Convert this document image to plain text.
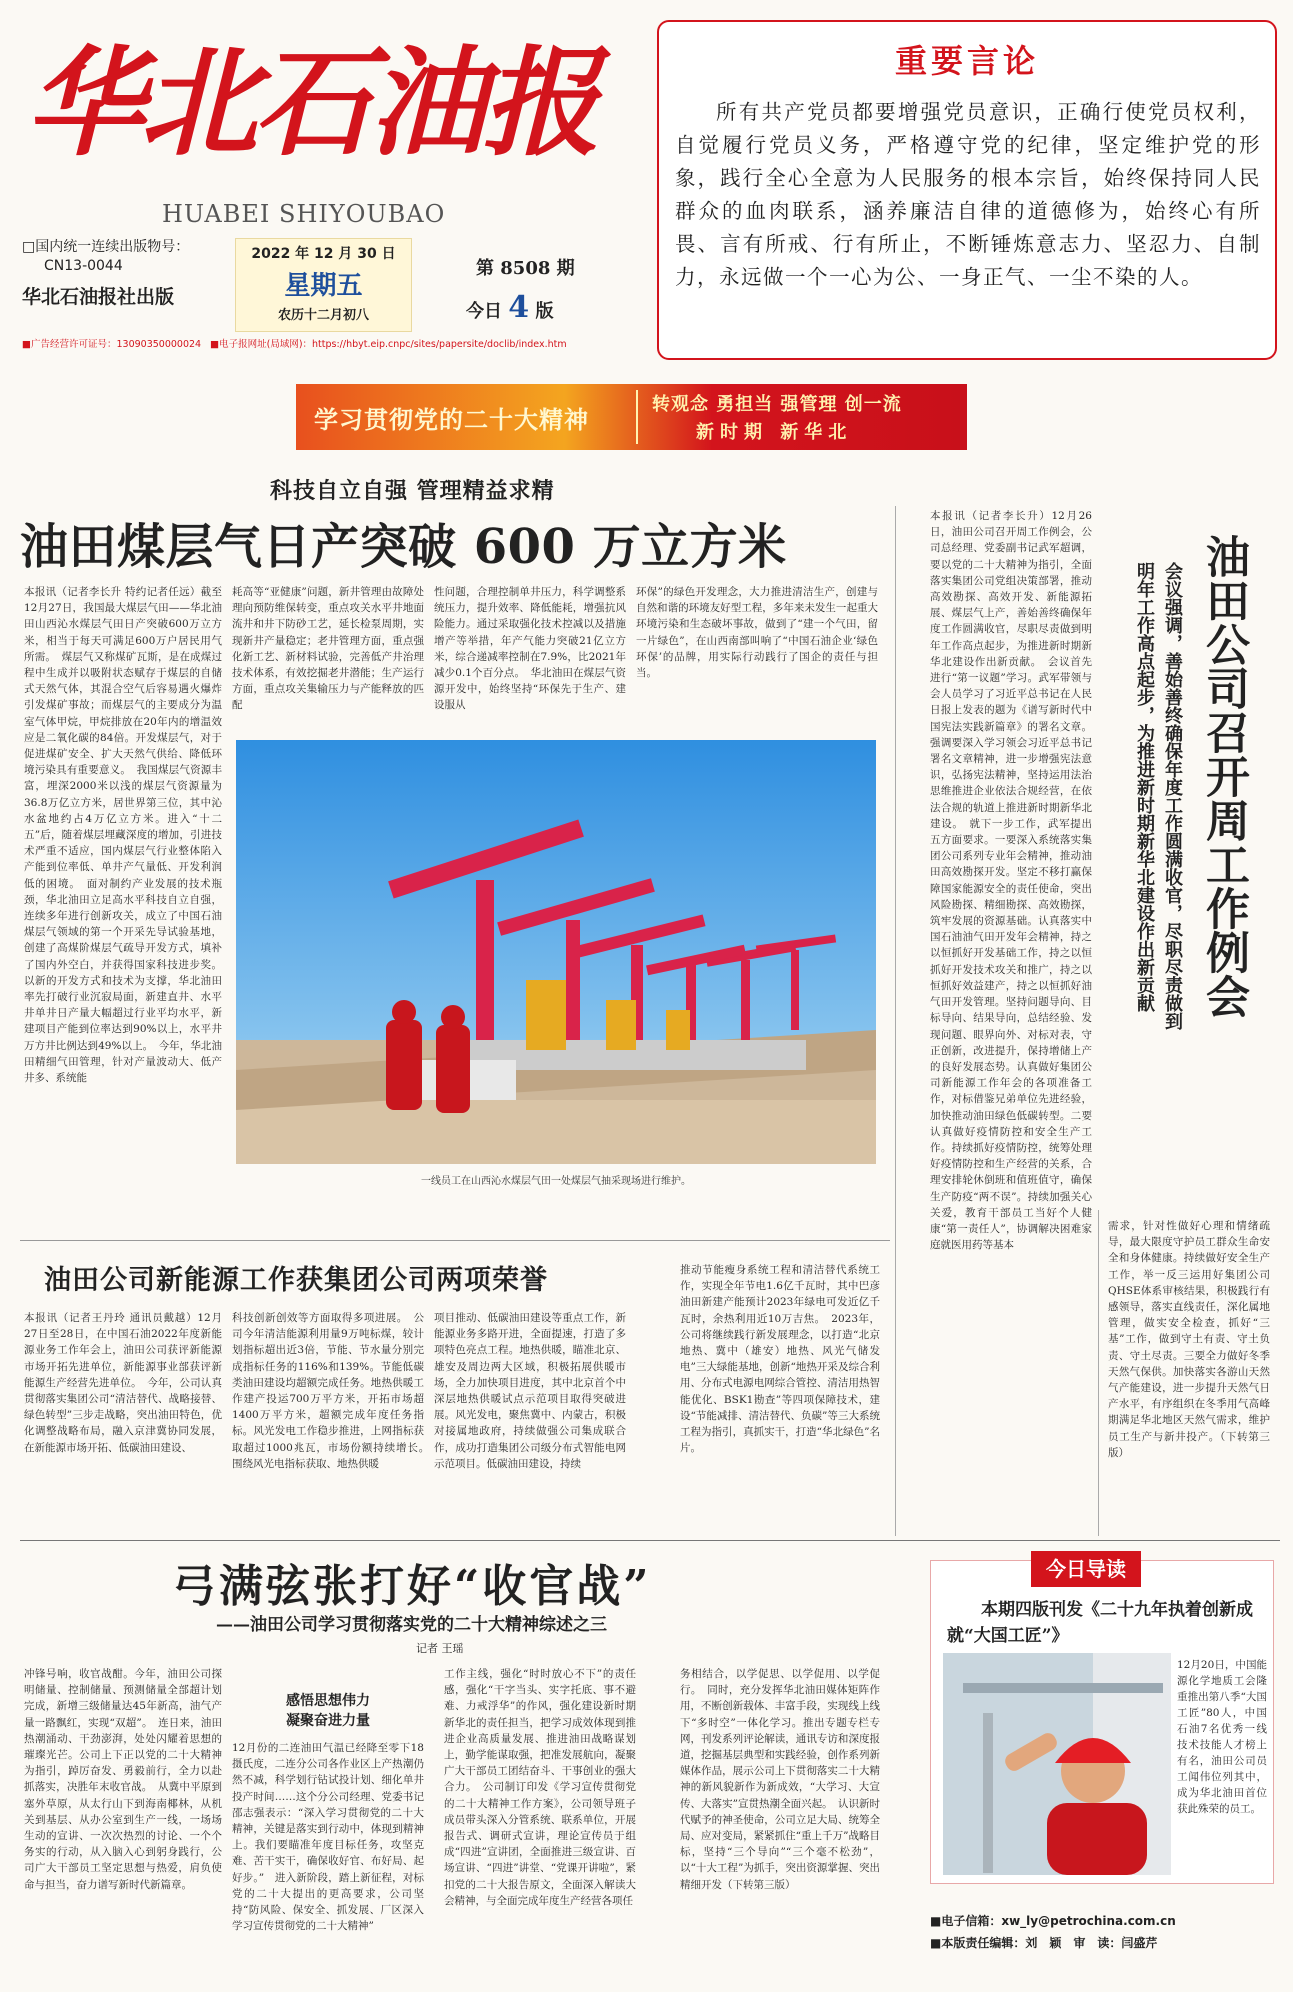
华北石油报
HUABEI SHIYOUBAO
□国内统一连续出版物号：
CN13-0044
华北石油报社出版
2022 年 12 月 30 日
星期五
农历十二月初八
第 8508 期
今日 4 版
■广告经营许可证号：13090350000024 ■电子报网址(局域网)：https://hbyt.eip.cnpc/sites/papersite/doclib/index.htm
重要言论
所有共产党员都要增强党员意识，正确行使党员权利，自觉履行党员义务，严格遵守党的纪律，坚定维护党的形象，践行全心全意为人民服务的根本宗旨，始终保持同人民群众的血肉联系，涵养廉洁自律的道德修为，始终心有所畏、言有所戒、行有所止，不断锤炼意志力、坚忍力、自制力，永远做一个一心为公、一身正气、一尘不染的人。
学习贯彻党的二十大精神
转观念 勇担当 强管理 创一流
新时期 新华北
科技自立自强 管理精益求精
油田煤层气日产突破 600 万立方米
本报讯（记者李长升 特约记者任远）截至12月27日，我国最大煤层气田——华北油田山西沁水煤层气田日产突破600万立方米，相当于每天可满足600万户居民用气所需。　煤层气又称煤矿瓦斯，是在成煤过程中生成并以吸附状态赋存于煤层的自储式天然气体，其混合空气后容易遇火爆炸引发煤矿事故；而煤层气的主要成分为温室气体甲烷，甲烷排放在20年内的增温效应是二氧化碳的84倍。开发煤层气，对于促进煤矿安全、扩大天然气供给、降低环境污染具有重要意义。　我国煤层气资源丰富，埋深2000米以浅的煤层气资源量为36.8万亿立方米，居世界第三位，其中沁水盆地约占4万亿立方米。进入“十二五”后，随着煤层埋藏深度的增加，引进技术严重不适应，国内煤层气行业整体陷入产能到位率低、单井产气量低、开发利润低的困境。　面对制约产业发展的技术瓶颈，华北油田立足高水平科技自立自强，连续多年进行创新攻关，成立了中国石油煤层气领域的第一个开采先导试验基地，创建了高煤阶煤层气疏导开发方式，填补了国内外空白，并获得国家科技进步奖。以新的开发方式和技术为支撑，华北油田率先打破行业沉寂局面，新建直井、水平井单井日产量大幅超过行业平均水平，新建项目产能到位率达到90%以上，水平井万方井比例达到49%以上。　今年，华北油田精细气田管理，针对产量波动大、低产井多、系统能
耗高等“亚健康”问题，新井管理由故障处理向预防维保转变，重点攻关水平井地面流井和井下防砂工艺，延长检泵周期，实现新井产量稳定；老井管理方面，重点强化新工艺、新材料试验，完善低产井治理技术体系，有效挖掘老井潜能；生产运行方面，重点攻关集输压力与产能释放的匹配
性问题，合理控制单井压力，科学调整系统压力，提升效率、降低能耗，增强抗风险能力。通过采取强化技术控减以及措施增产等举措，年产气能力突破21亿立方米，综合递减率控制在7.9%，比2021年减少0.1个百分点。　华北油田在煤层气资源开发中，始终坚持“环保先于生产、建设服从
环保”的绿色开发理念，大力推进清洁生产，创建与自然和谐的环境友好型工程，多年来未发生一起重大环境污染和生态破坏事故，做到了“建一个气田，留一片绿色”，在山西南部叫响了“中国石油企业‘绿色环保’的品牌，用实际行动践行了国企的责任与担当。
一线员工在山西沁水煤层气田一处煤层气抽采现场进行维护。
油田公司召开周工作例会
会议强调，善始善终确保年度工作圆满收官，尽职尽责做到
明年工作高点起步，为推进新时期新华北建设作出新贡献
本报讯（记者李长升）12月26日，油田公司召开周工作例会，公司总经理、党委副书记武军超调，要以党的二十大精神为指引，全面落实集团公司党组决策部署，推动高效勘探、高效开发、新能源拓展、煤层气上产，善始善终确保年度工作圆满收官，尽职尽责做到明年工作高点起步，为推进新时期新华北建设作出新贡献。　会议首先进行“第一议题”学习。武军带领与会人员学习了习近平总书记在人民日报上发表的题为《谱写新时代中国宪法实践新篇章》的署名文章。强调要深入学习领会习近平总书记署名文章精神，进一步增强宪法意识，弘扬宪法精神，坚持运用法治思维推进企业依法合规经营，在依法合规的轨道上推进新时期新华北建设。　就下一步工作，武军提出五方面要求。一要深入系统落实集团公司系列专业年会精神，推动油田高效勘探开发。坚定不移打赢保障国家能源安全的责任使命，突出风险勘探、精细勘探、高效勘探，筑牢发展的资源基础。认真落实中国石油油气田开发年会精神，持之以恒抓好开发基础工作，持之以恒抓好开发技术攻关和推广，持之以恒抓好效益建产，持之以恒抓好油气田开发管理。坚持问题导向、目标导向、结果导向，总结经验、发现问题、眼界向外、对标对表，守正创新，改进提升，保持增储上产的良好发展态势。认真做好集团公司新能源工作年会的各项准备工作，对标借鉴兄弟单位先进经验，加快推动油田绿色低碳转型。二要认真做好疫情防控和安全生产工作。持续抓好疫情防控，统筹处理好疫情防控和生产经营的关系，合理安排轮休倒班和值班值守，确保生产防疫“两不误”。持续加强关心关爱，教育干部员工当好个人健康“第一责任人”，协调解决困难家庭就医用药等基本
需求，针对性做好心理和情绪疏导，最大限度守护员工群众生命安全和身体健康。持续做好安全生产工作，举一反三运用好集团公司QHSE体系审核结果，积极践行有感领导，落实直线责任，深化属地管理，做实安全检查，抓好“三基”工作，做到守土有责、守土负责、守土尽责。三要全力做好冬季天然气保供。加快落实各游山天然气产能建设，进一步提升天然气日产水平，有序组织在冬季用气高峰期满足华北地区天然气需求，维护员工生产与新井投产。（下转第三版）
油田公司新能源工作获集团公司两项荣誉
本报讯（记者王丹玲 通讯员戴越）12月27日至28日，在中国石油2022年度新能源业务工作年会上，油田公司获评新能源市场开拓先进单位，新能源事业部获评新能源生产经营先进单位。　今年，公司认真贯彻落实集团公司“清洁替代、战略接替、绿色转型”三步走战略，突出油田特色，优化调整战略布局，融入京津冀协同发展，在新能源市场开拓、低碳油田建设、
科技创新创效等方面取得多项进展。　公司今年清洁能源利用量9万吨标煤，较计划指标超出近3倍，节能、节水量分别完成指标任务的116%和139%。节能低碳类油田建设均超额完成任务。地热供暖工作建产投运700万平方米，开拓市场超1400万平方米，超额完成年度任务指标。风光发电工作稳步推进，上网指标获取超过1000兆瓦，市场份额持续增长。　围绕风光电指标获取、地热供暖
项目推动、低碳油田建设等重点工作，新能源业务多路开进，全面提速，打造了多项特色亮点工程。地热供暖，瞄准北京、雄安及周边两大区域，积极拓展供暖市场，全力加快项目进度，其中北京首个中深层地热供暖试点示范项目取得突破进展。风光发电，聚焦冀中、内蒙古，积极对接属地政府，持续做强公司集成联合作，成功打造集团公司级分布式智能电网示范项目。低碳油田建设，持续
推动节能瘦身系统工程和清洁替代系统工作，实现全年节电1.6亿千瓦时，其中巴彦油田新建产能预计2023年绿电可发近亿千瓦时，余热利用近10万吉焦。　2023年，公司将继续践行新发展理念，以打造“北京地热、冀中（雄安）地热、风光气储发电”三大绿能基地，创新“地热开采及综合利用、分布式电源电网综合管控、清洁用热智能优化、BSK1勘查”等四项保障技术，建设“节能减排、清洁替代、负碳”等三大系统工程为指引，真抓实干，打造“华北绿色”名片。
弓满弦张打好“收官战”
——油田公司学习贯彻落实党的二十大精神综述之三
记者 王瑶
冲锋号响，收官战酣。今年，油田公司探明储量、控制储量、预测储量全部超计划完成，新增三级储量达45年新高，油气产量一路飘红，实现“双超”。　连日来，油田热潮涌动、干劲澎湃，处处闪耀着思想的璀璨光芒。公司上下正以党的二十大精神为指引，踔厉奋发、勇毅前行，全力以赴抓落实，决胜年末收官战。　从冀中平原到塞外草原，从太行山下到海南椰林，从机关到基层、从办公室到生产一线，一场场生动的宣讲、一次次热烈的讨论、一个个务实的行动，从入脑入心到躬身践行，公司广大干部员工坚定思想与热爱，肩负使命与担当，奋力谱写新时代新篇章。
感悟思想伟力
凝聚奋进力量
12月份的二连油田气温已经降至零下18摄氏度，二连分公司各作业区上产热潮仍然不减，科学划行钻试投计划、细化单井投产时间……这个分公司经理、党委书记邵志强表示：“深入学习贯彻党的二十大精神，关键是落实到行动中，体现到精神上。我们要瞄准年度目标任务，攻坚克难、苦干实干，确保收好官、布好局、起好步。”　进入新阶段，踏上新征程，对标党的二十大提出的更高要求，公司坚持“防风险、保安全、抓发展、厂区深入学习宣传贯彻党的二十大精神”
工作主线，强化“时时放心不下”的责任感，强化“干字当头、实字托底、事不避难、力戒浮华”的作风，强化建设新时期新华北的责任担当，把学习成效体现到推进企业高质量发展、推进油田战略谋划上，勤学能谋取强，把准发展航向，凝聚广大干部员工团结奋斗、干事创业的强大合力。　公司制订印发《学习宣传贯彻党的二十大精神工作方案》，公司领导班子成员带头深入分管系统、联系单位，开展报告式、调研式宣讲，理论宣传员于组成“四进”宣讲团，全面推进三级宣讲、百场宣讲、“四进”讲堂、“党课开讲啦”，紧扣党的二十大报告原文，全面深入解读大会精神，与全面完成年度生产经营各项任
务相结合，以学促思、以学促用、以学促行。　同时，充分发挥华北油田媒体矩阵作用，不断创新载体、丰富手段，实现线上线下“多时空”一体化学习。推出专题专栏专网，刊发系列评论解读，通讯专访和深度报道，挖掘基层典型和实践经验，创作系列新媒体作品，展示公司上下贯彻落实二十大精神的新风貌新作为新成效，“大学习、大宣传、大落实”宣贯热潮全面兴起。　认识新时代赋予的神圣使命，公司立足大局、统筹全局、应对变局，紧紧抓住“重上千万”战略目标，坚持“三个导向”“三个毫不松劲”，以“十大工程”为抓手，突出资源掌握、突出精细开发（下转第三版）
今日导读
本期四版刊发《二十九年执着创新成就“大国工匠”》
12月20日，中国能源化学地质工会隆重推出第八季“大国工匠”80人，中国石油7名优秀一线技术技能人才榜上有名，油田公司员工闻伟位列其中，成为华北油田首位获此殊荣的员工。
■电子信箱：xw_ly@petrochina.com.cn
■本版责任编辑：刘　颖　审　读：闫盛芹
